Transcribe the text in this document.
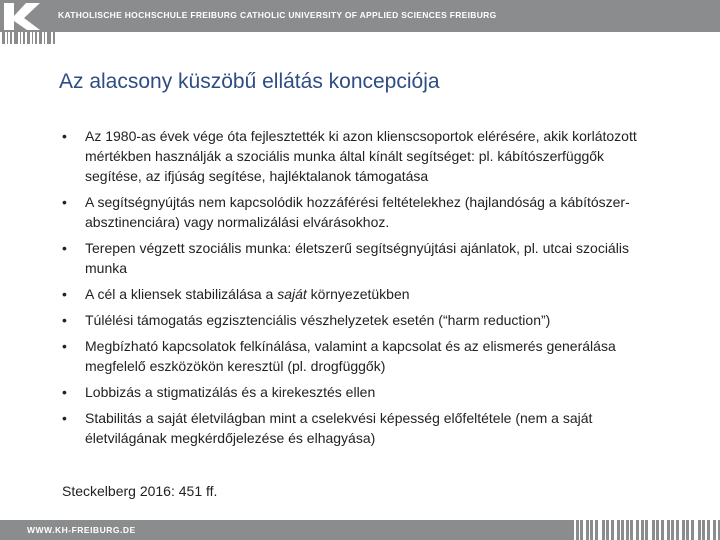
KATHOLISCHE HOCHSCHULE FREIBURG CATHOLIC UNIVERSITY OF APPLIED SCIENCES FREIBURG
Az alacsony küszöbű ellátás koncepciója
• Az 1980-as évek vége óta fejlesztették ki azon klienscsoportok elérésére, akik korlátozott mértékben használják a szociális munka által kínált segítséget: pl. kábítószerfüggők segítése, az ifjúság segítése, hajléktalanok támogatása
• A segítségnyújtás nem kapcsolódik hozzáférési feltételekhez (hajlandóság a kábítószer-absztinenciára) vagy normalizálási elvárásokhoz.
• Terepen végzett szociális munka: életszerű segítségnyújtási ajánlatok, pl. utcai szociális munka
• A cél a kliensek stabilizálása a saját környezetükben
• Túlélési támogatás egzisztenciális vészhelyzetek esetén (“harm reduction”)
• Megbízható kapcsolatok felkínálása, valamint a kapcsolat és az elismerés generálása megfelelő eszközökön keresztül (pl. drogfüggők)
• Lobbizás a stigmatizálás és a kirekesztés ellen
• Stabilitás a saját életvilágban mint a cselekvési képesség előfeltétele (nem a saját életvilágának megkérdőjelezése és elhagyása)
Steckelberg 2016: 451 ff.
WWW.KH-FREIBURG.DE
